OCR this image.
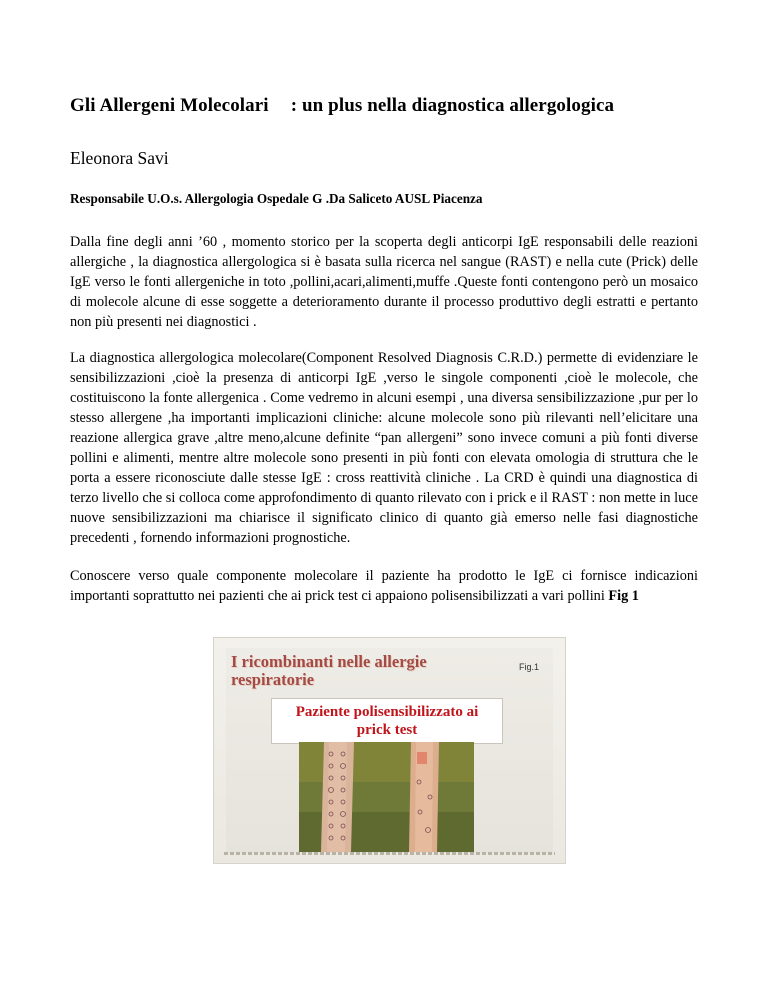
Gli Allergeni Molecolari : un plus nella diagnostica allergologica
Eleonora Savi
Responsabile U.O.s. Allergologia Ospedale G .Da Saliceto AUSL Piacenza
Dalla fine degli anni ’60 , momento storico per la scoperta degli anticorpi IgE responsabili delle reazioni allergiche , la diagnostica allergologica si è basata sulla ricerca nel sangue (RAST) e nella cute (Prick) delle IgE verso le fonti allergeniche in toto ,pollini,acari,alimenti,muffe .Queste fonti contengono però un mosaico di molecole alcune di esse soggette a deterioramento durante il processo produttivo degli estratti e pertanto non più presenti nei diagnostici .
La diagnostica allergologica molecolare(Component Resolved Diagnosis C.R.D.) permette di evidenziare le sensibilizzazioni ,cioè la presenza di anticorpi IgE ,verso le singole componenti ,cioè le molecole, che costituiscono la fonte allergenica . Come vedremo in alcuni esempi , una diversa sensibilizzazione ,pur per lo stesso allergene ,ha importanti implicazioni cliniche: alcune molecole sono più rilevanti nell’elicitare una reazione allergica grave ,altre meno,alcune definite “pan allergeni” sono invece comuni a più fonti diverse pollini e alimenti, mentre altre molecole sono presenti in più fonti con elevata omologia di struttura che le porta a essere riconosciute dalle stesse IgE : cross reattività cliniche . La CRD è quindi una diagnostica di terzo livello che si colloca come approfondimento di quanto rilevato con i prick e il RAST : non mette in luce nuove sensibilizzazioni ma chiarisce il significato clinico di quanto già emerso nelle fasi diagnostiche precedenti , fornendo informazioni prognostiche.
Conoscere verso quale componente molecolare il paziente ha prodotto le IgE ci fornisce indicazioni importanti soprattutto nei pazienti che ai prick test ci appaiono polisensibilizzati a vari pollini Fig 1
I ricombinanti nelle allergie respiratorie
Fig.1
Paziente polisensibilizzato ai
prick test
